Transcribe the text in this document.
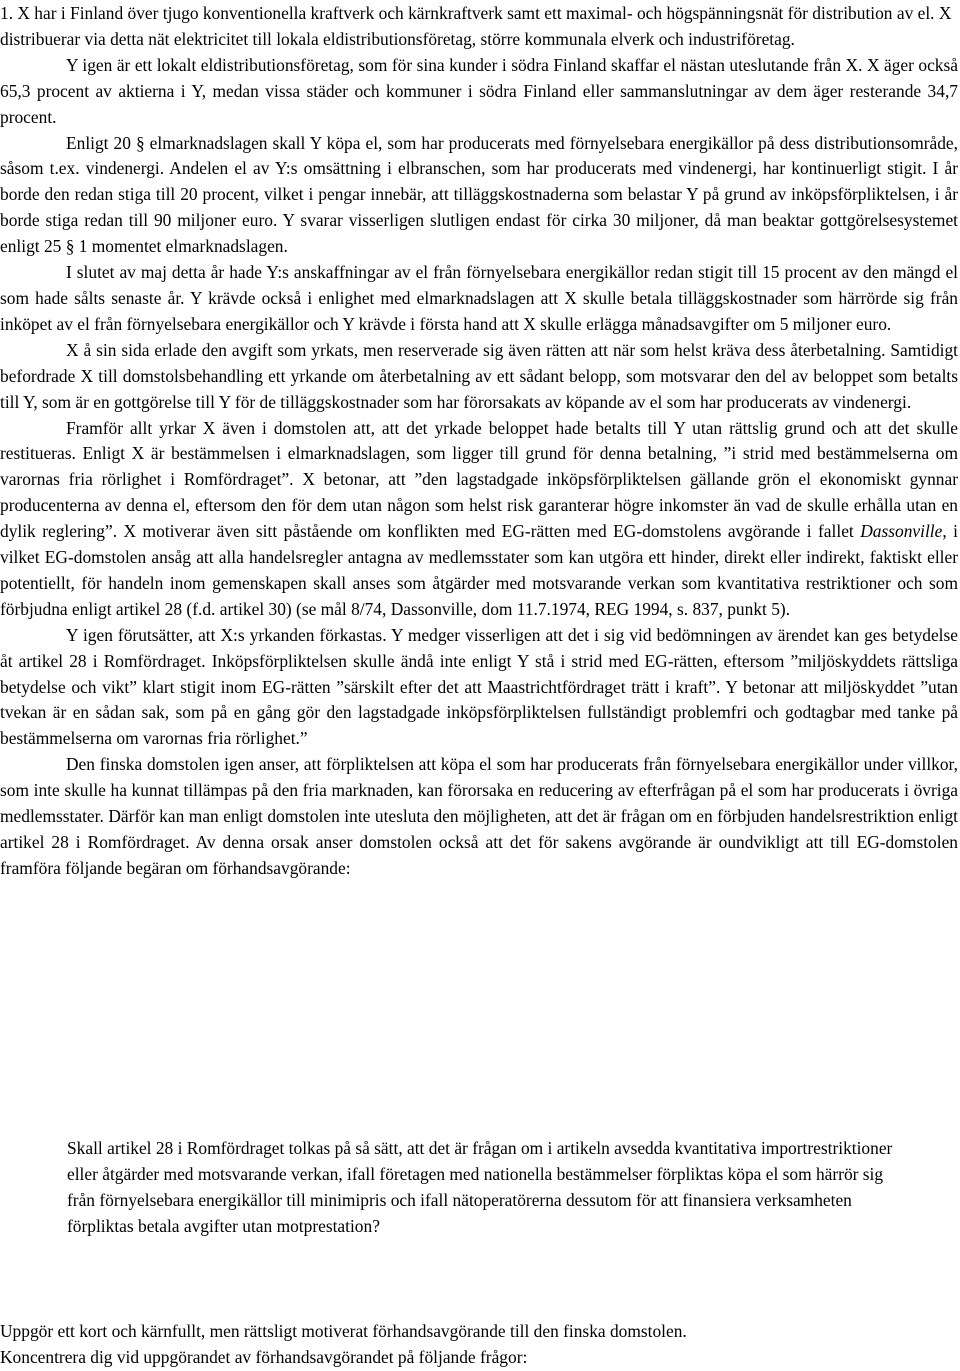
1. X har i Finland över tjugo konventionella kraftverk och kärnkraftverk samt ett maximal- och högspänningsnät för distribution av el. X distribuerar via detta nät elektricitet till lokala eldistributionsföretag, större kommunala elverk och industriföretag.

Y igen är ett lokalt eldistributionsföretag, som för sina kunder i södra Finland skaffar el nästan uteslutande från X. X äger också 65,3 procent av aktierna i Y, medan vissa städer och kommuner i södra Finland eller sammanslutningar av dem äger resterande 34,7 procent.

Enligt 20 § elmarknadslagen skall Y köpa el, som har producerats med förnyelsebara energikällor på dess distributionsområde, såsom t.ex. vindenergi. Andelen el av Y:s omsättning i elbranschen, som har producerats med vindenergi, har kontinuerligt stigit. I år borde den redan stiga till 20 procent, vilket i pengar innebär, att tilläggskostnaderna som belastar Y på grund av inköpsförpliktelsen, i år borde stiga redan till 90 miljoner euro. Y svarar visserligen slutligen endast för cirka 30 miljoner, då man beaktar gottgörelsesystemet enligt 25 § 1 momentet elmarknadslagen.

I slutet av maj detta år hade Y:s anskaffningar av el från förnyelsebara energikällor redan stigit till 15 procent av den mängd el som hade sålts senaste år. Y krävde också i enlighet med elmarknadslagen att X skulle betala tilläggskostnader som härrörde sig från inköpet av el från förnyelsebara energikällor och Y krävde i första hand att X skulle erlägga månadsavgifter om 5 miljoner euro.

X å sin sida erlade den avgift som yrkats, men reserverade sig även rätten att när som helst kräva dess återbetalning. Samtidigt befordrade X till domstolsbehandling ett yrkande om återbetalning av ett sådant belopp, som motsvarar den del av beloppet som betalts till Y, som är en gottgörelse till Y för de tilläggskostnader som har förorsakats av köpande av el som har producerats av vindenergi.

Framför allt yrkar X även i domstolen att, att det yrkade beloppet hade betalts till Y utan rättslig grund och att det skulle restitueras. Enligt X är bestämmelsen i elmarknadslagen, som ligger till grund för denna betalning, ”i strid med bestämmelserna om varornas fria rörlighet i Romfördraget”. X betonar, att ”den lagstadgade inköpsförpliktelsen gällande grön el ekonomiskt gynnar producenterna av denna el, eftersom den för dem utan någon som helst risk garanterar högre inkomster än vad de skulle erhålla utan en dylik reglering”. X motiverar även sitt påstående om konflikten med EG-rätten med EG-domstolens avgörande i fallet Dassonville, i vilket EG-domstolen ansåg att alla handelsregler antagna av medlemsstater som kan utgöra ett hinder, direkt eller indirekt, faktiskt eller potentiellt, för handeln inom gemenskapen skall anses som åtgärder med motsvarande verkan som kvantitativa restriktioner och som förbjudna enligt artikel 28 (f.d. artikel 30) (se mål 8/74, Dassonville, dom 11.7.1974, REG 1994, s. 837, punkt 5).

Y igen förutsätter, att X:s yrkanden förkastas. Y medger visserligen att det i sig vid bedömningen av ärendet kan ges betydelse åt artikel 28 i Romfördraget. Inköpsförpliktelsen skulle ändå inte enligt Y stå i strid med EG-rätten, eftersom ”miljöskyddets rättsliga betydelse och vikt” klart stigit inom EG-rätten ”särskilt efter det att Maastrichtfördraget trätt i kraft”. Y betonar att miljöskyddet ”utan tvekan är en sådan sak, som på en gång gör den lagstadgade inköpsförpliktelsen fullständigt problemfri och godtagbar med tanke på bestämmelserna om varornas fria rörlighet.”

Den finska domstolen igen anser, att förpliktelsen att köpa el som har producerats från förnyelsebara energikällor under villkor, som inte skulle ha kunnat tillämpas på den fria marknaden, kan förorsaka en reducering av efterfrågan på el som har producerats i övriga medlemsstater. Därför kan man enligt domstolen inte utesluta den möjligheten, att det är frågan om en förbjuden handelsrestriktion enligt artikel 28 i Romfördraget. Av denna orsak anser domstolen också att det för sakens avgörande är oundvikligt att till EG-domstolen framföra följande begäran om förhandsavgörande:

Skall artikel 28 i Romfördraget tolkas på så sätt, att det är frågan om i artikeln avsedda kvantitativa importrestriktioner eller åtgärder med motsvarande verkan, ifall företagen med nationella bestämmelser förpliktas köpa el som härrör sig från förnyelsebara energikällor till minimipris och ifall nätoperatörerna dessutom för att finansiera verksamheten förpliktas betala avgifter utan motprestation?

Uppgör ett kort och kärnfullt, men rättsligt motiverat förhandsavgörande till den finska domstolen.

Koncentrera dig vid uppgörandet av förhandsavgörandet på följande frågor:
